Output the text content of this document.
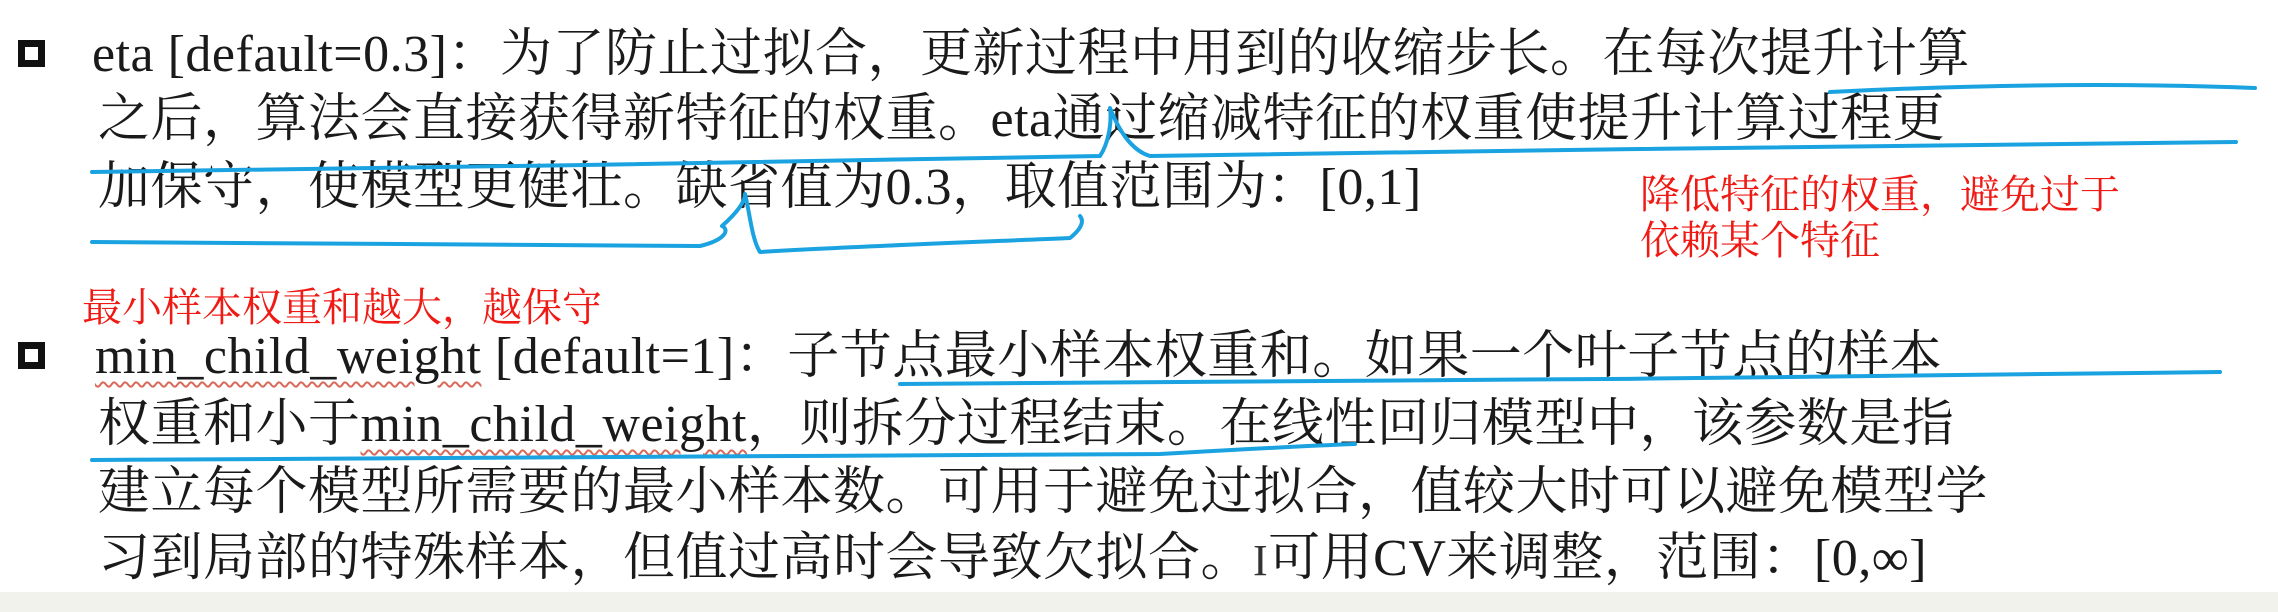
eta [default=0.3]：为了防止过拟合，更新过程中用到的收缩步长。在每次提升计算
之后，算法会直接获得新特征的权重。eta通过缩减特征的权重使提升计算过程更
加保守，使模型更健壮。缺省值为0.3，取值范围为：[0,1]	降低特征的权重，避免过于
依赖某个特征
最小样本权重和越大，越保守
min_child_weight [default=1]：子节点最小样本权重和。如果一个叶子节点的样本
权重和小于min_child_weight，则拆分过程结束。在线性回归模型中，该参数是指
建立每个模型所需要的最小样本数。可用于避免过拟合，值较大时可以避免模型学
习到局部的特殊样本，但值过高时会导致欠拟合。I可用CV来调整，范围：[0,∞]
